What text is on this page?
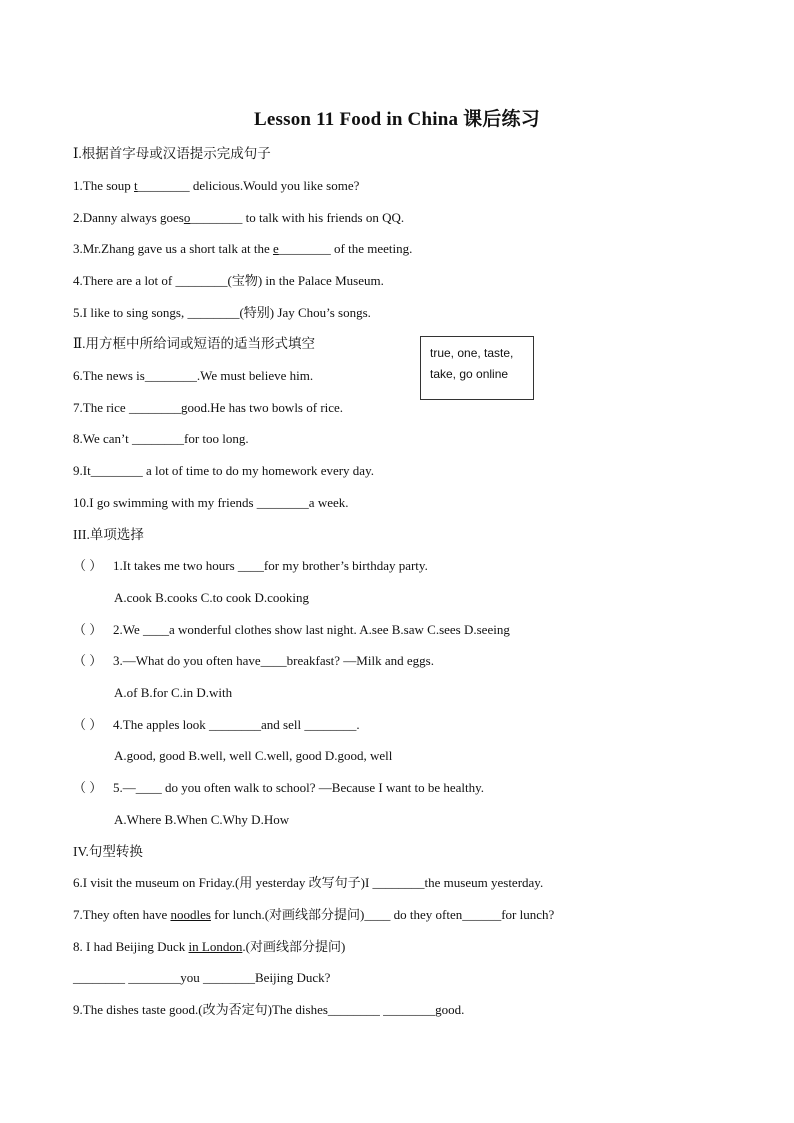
Lesson 11 Food in China 课后练习
Ⅰ.根据首字母或汉语提示完成句子
1.The soup t________ delicious.Would you like some?
2.Danny always goeso________ to talk with his friends on QQ.
3.Mr.Zhang gave us a short talk at the e________ of the meeting.
4.There are a lot of ________(宝物) in the Palace Museum.
5.I like to sing songs, ________(特别) Jay Chou’s songs.
Ⅱ.用方框中所给词或短语的适当形式填空
true, one, taste,
take, go online
6.The news is________.We must believe him.
7.The rice ________good.He has two bowls of rice.
8.We can’t ________for too long.
9.It________ a lot of time to do my homework every day.
10.I go swimming with my friends ________a week.
III.单项选择
（ ） 1.It takes me two hours ____for my brother’s birthday party.
A.cook B.cooks C.to cook D.cooking
（ ） 2.We ____a wonderful clothes show last night. A.see B.saw C.sees D.seeing
（ ） 3.—What do you often have____breakfast? —Milk and eggs.
A.of B.for C.in D.with
（ ） 4.The apples look ________and sell ________.
A.good, good B.well, well C.well, good D.good, well
（ ） 5.—____ do you often walk to school? —Because I want to be healthy.
A.Where B.When C.Why D.How
IV.句型转换
6.I visit the museum on Friday.(用 yesterday 改写句子)I ________the museum yesterday.
7.They often have noodles for lunch.(对画线部分提问)____ do they often______for lunch?
8. I had Beijing Duck in London.(对画线部分提问)
________ ________you ________Beijing Duck?
9.The dishes taste good.(改为否定句)The dishes________ ________good.
